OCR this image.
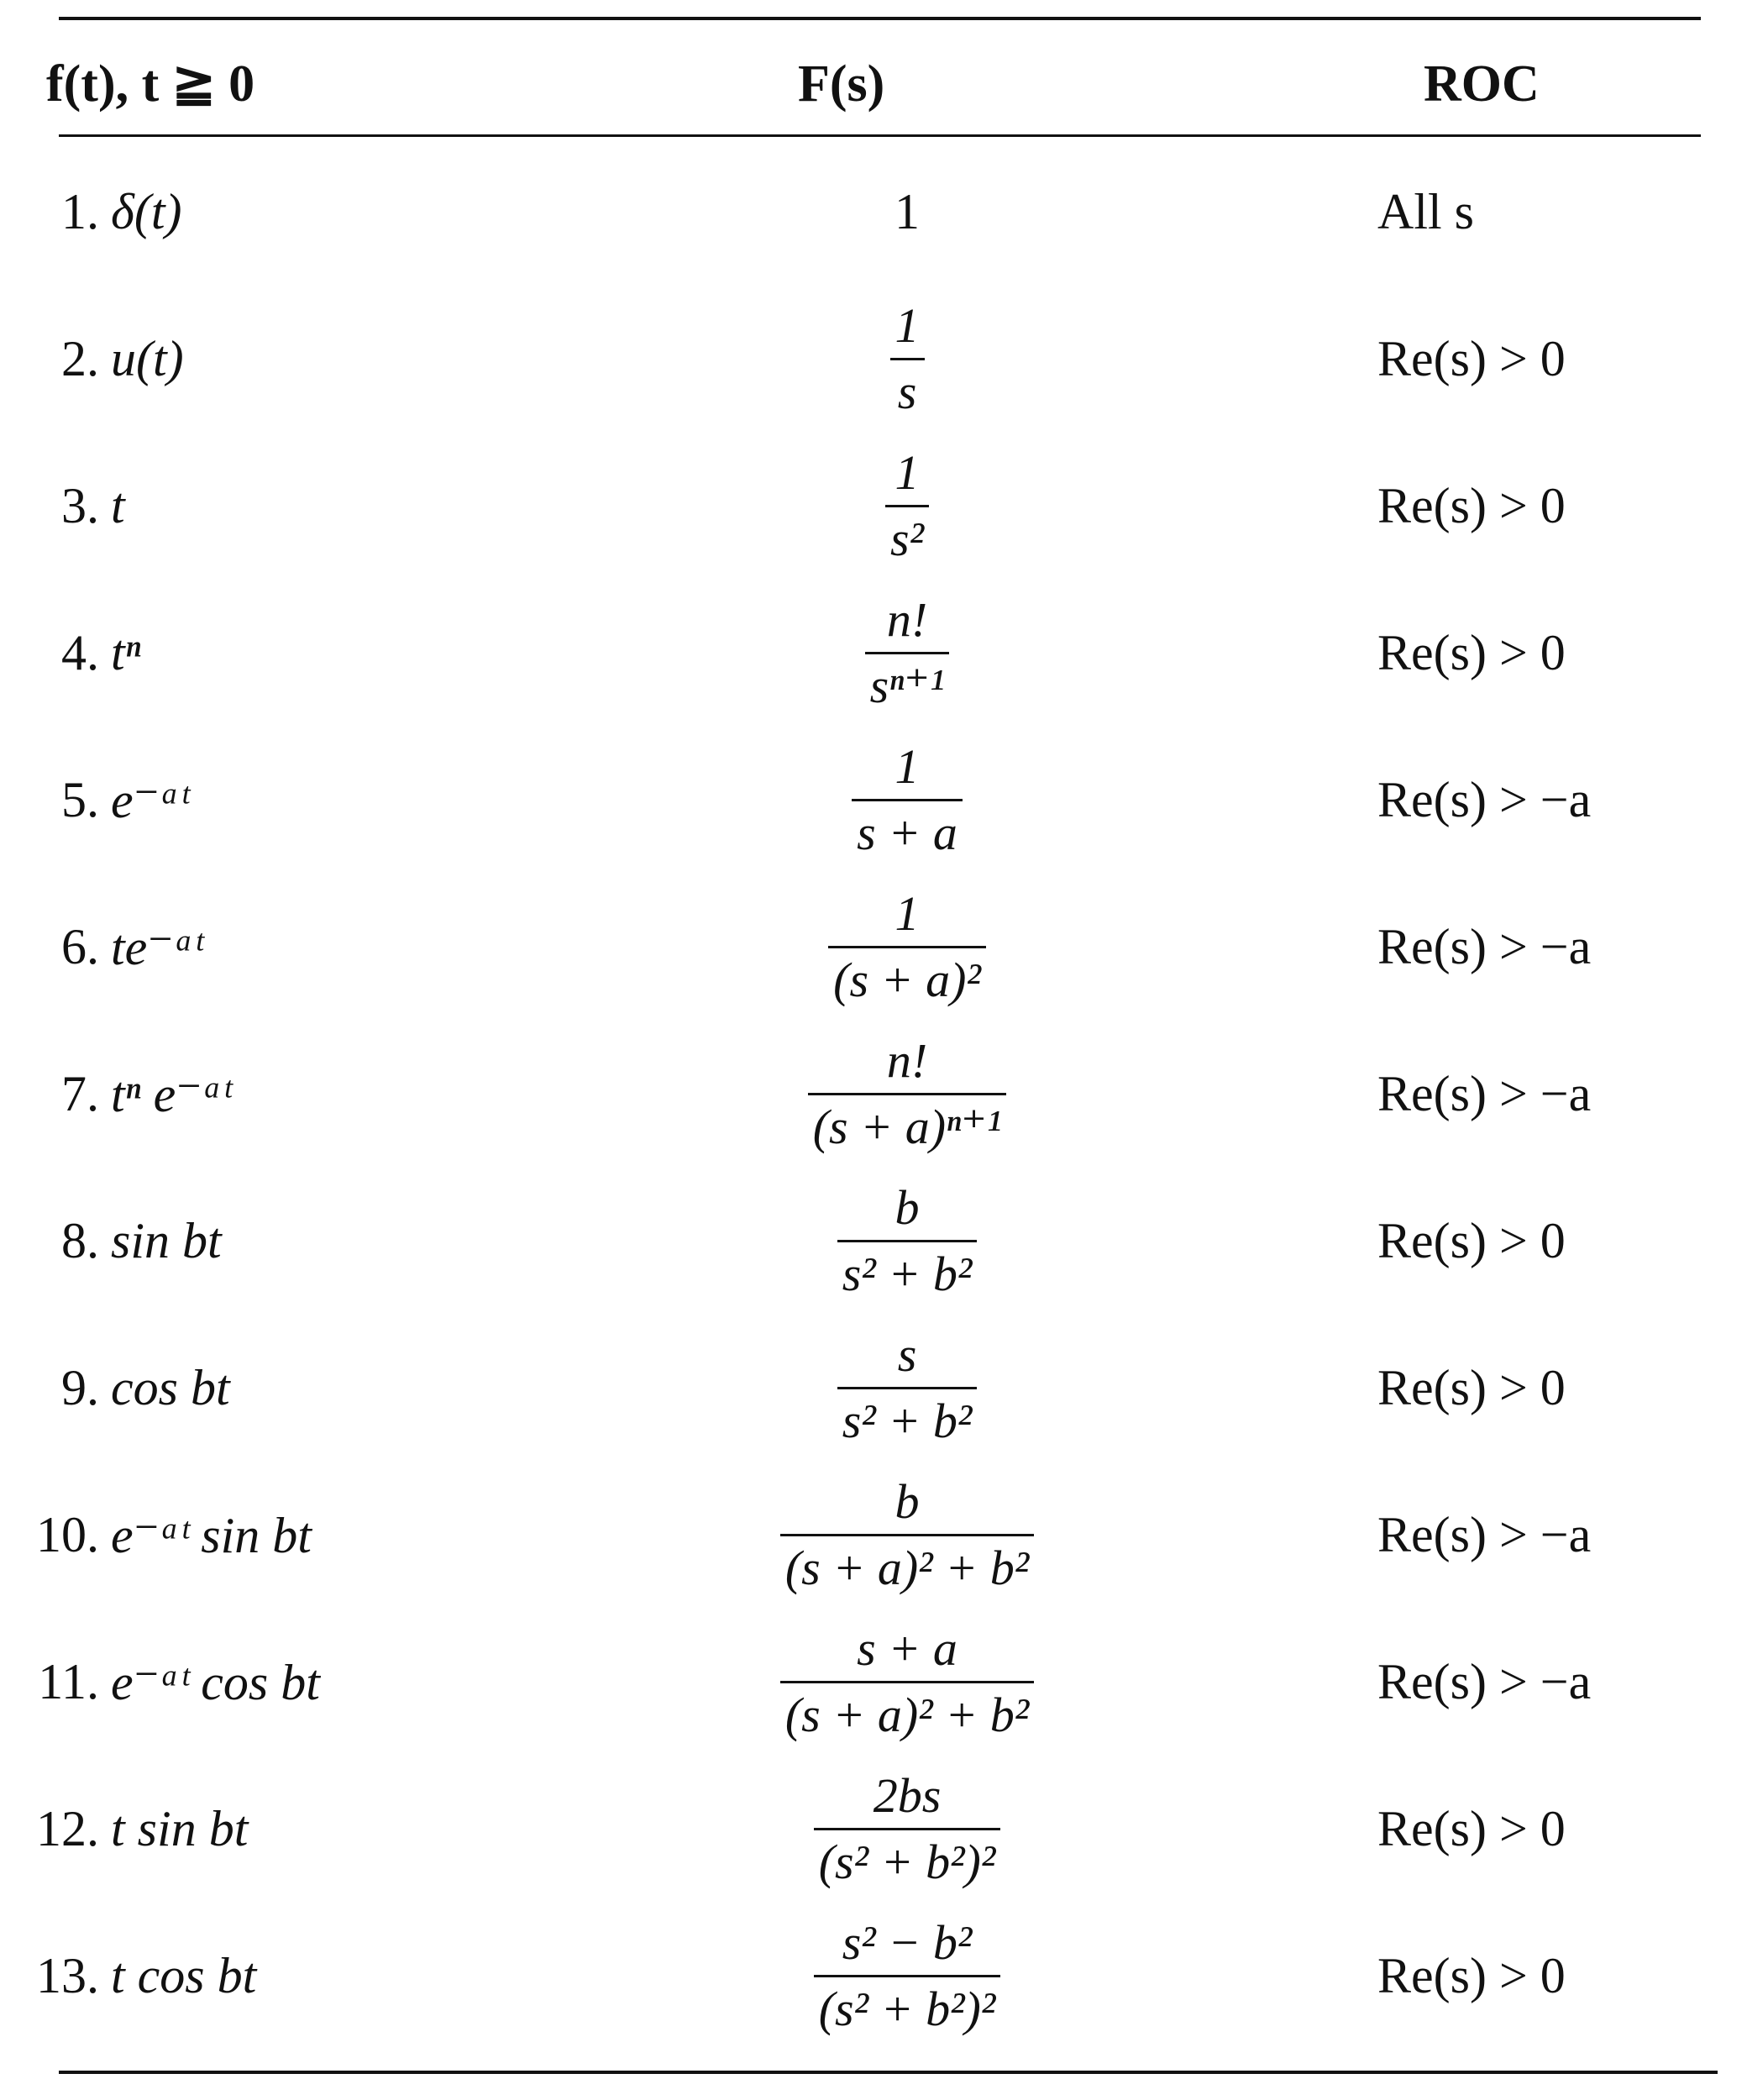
f(t), t ≧ 0	F(s)	ROC
1. δ(t)	1	All s
2. u(t)	$\frac{1}{s}$	Re(s) > 0
3. t	$\frac{1}{\text{s²}}$	Re(s) > 0
4. tⁿ	$\frac{n!}{\text{sⁿ⁺¹}}$	Re(s) > 0
5. e⁻ᵃᵗ	$\frac{1}{s + a}$	Re(s) > −a
6. te⁻ᵃᵗ	$\frac{1}{\text{(s + a)²}}$	Re(s) > −a
7. tⁿ e⁻ᵃᵗ	$\frac{n!}{\text{(s + a)ⁿ⁺¹}}$	Re(s) > −a
8. sin bt	$\frac{b}{\text{s² + b²}}$	Re(s) > 0
9. cos bt	$\frac{s}{\text{s² + b²}}$	Re(s) > 0
10. e⁻ᵃᵗ sin bt	$\frac{b}{\text{(s + a)² + b²}}$	Re(s) > −a
11. e⁻ᵃᵗ cos bt	$\frac{s + a}{\text{(s + a)² + b²}}$	Re(s) > −a
12. t sin bt	$\frac{2bs}{\text{(s² + b²)²}}$	Re(s) > 0
13. t cos bt	$\frac{\text{s² − b²}}{\text{(s² + b²)²}}$	Re(s) > 0
